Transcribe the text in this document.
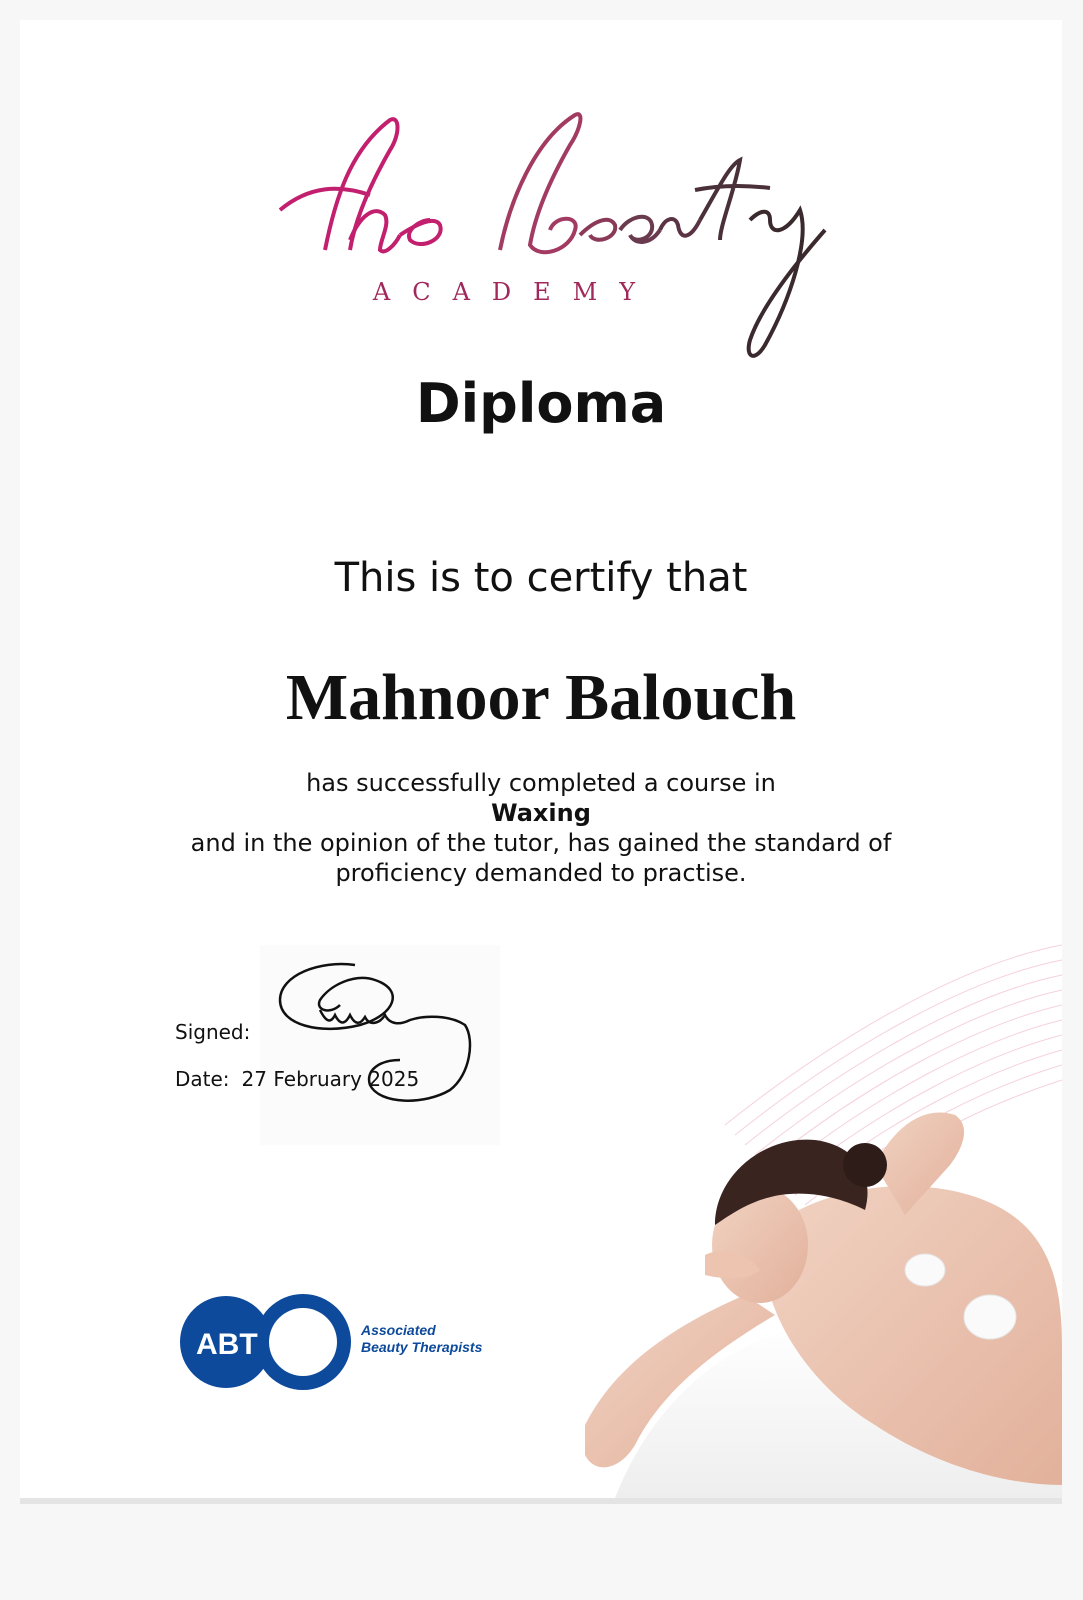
ACADEMY
Diploma
This is to certify that
Mahnoor Balouch
has successfully completed a course in
Waxing
and in the opinion of the tutor, has gained the standard of
proficiency demanded to practise.
Signed:
Date: 27 February 2025
ABT	Associated
Beauty Therapists
